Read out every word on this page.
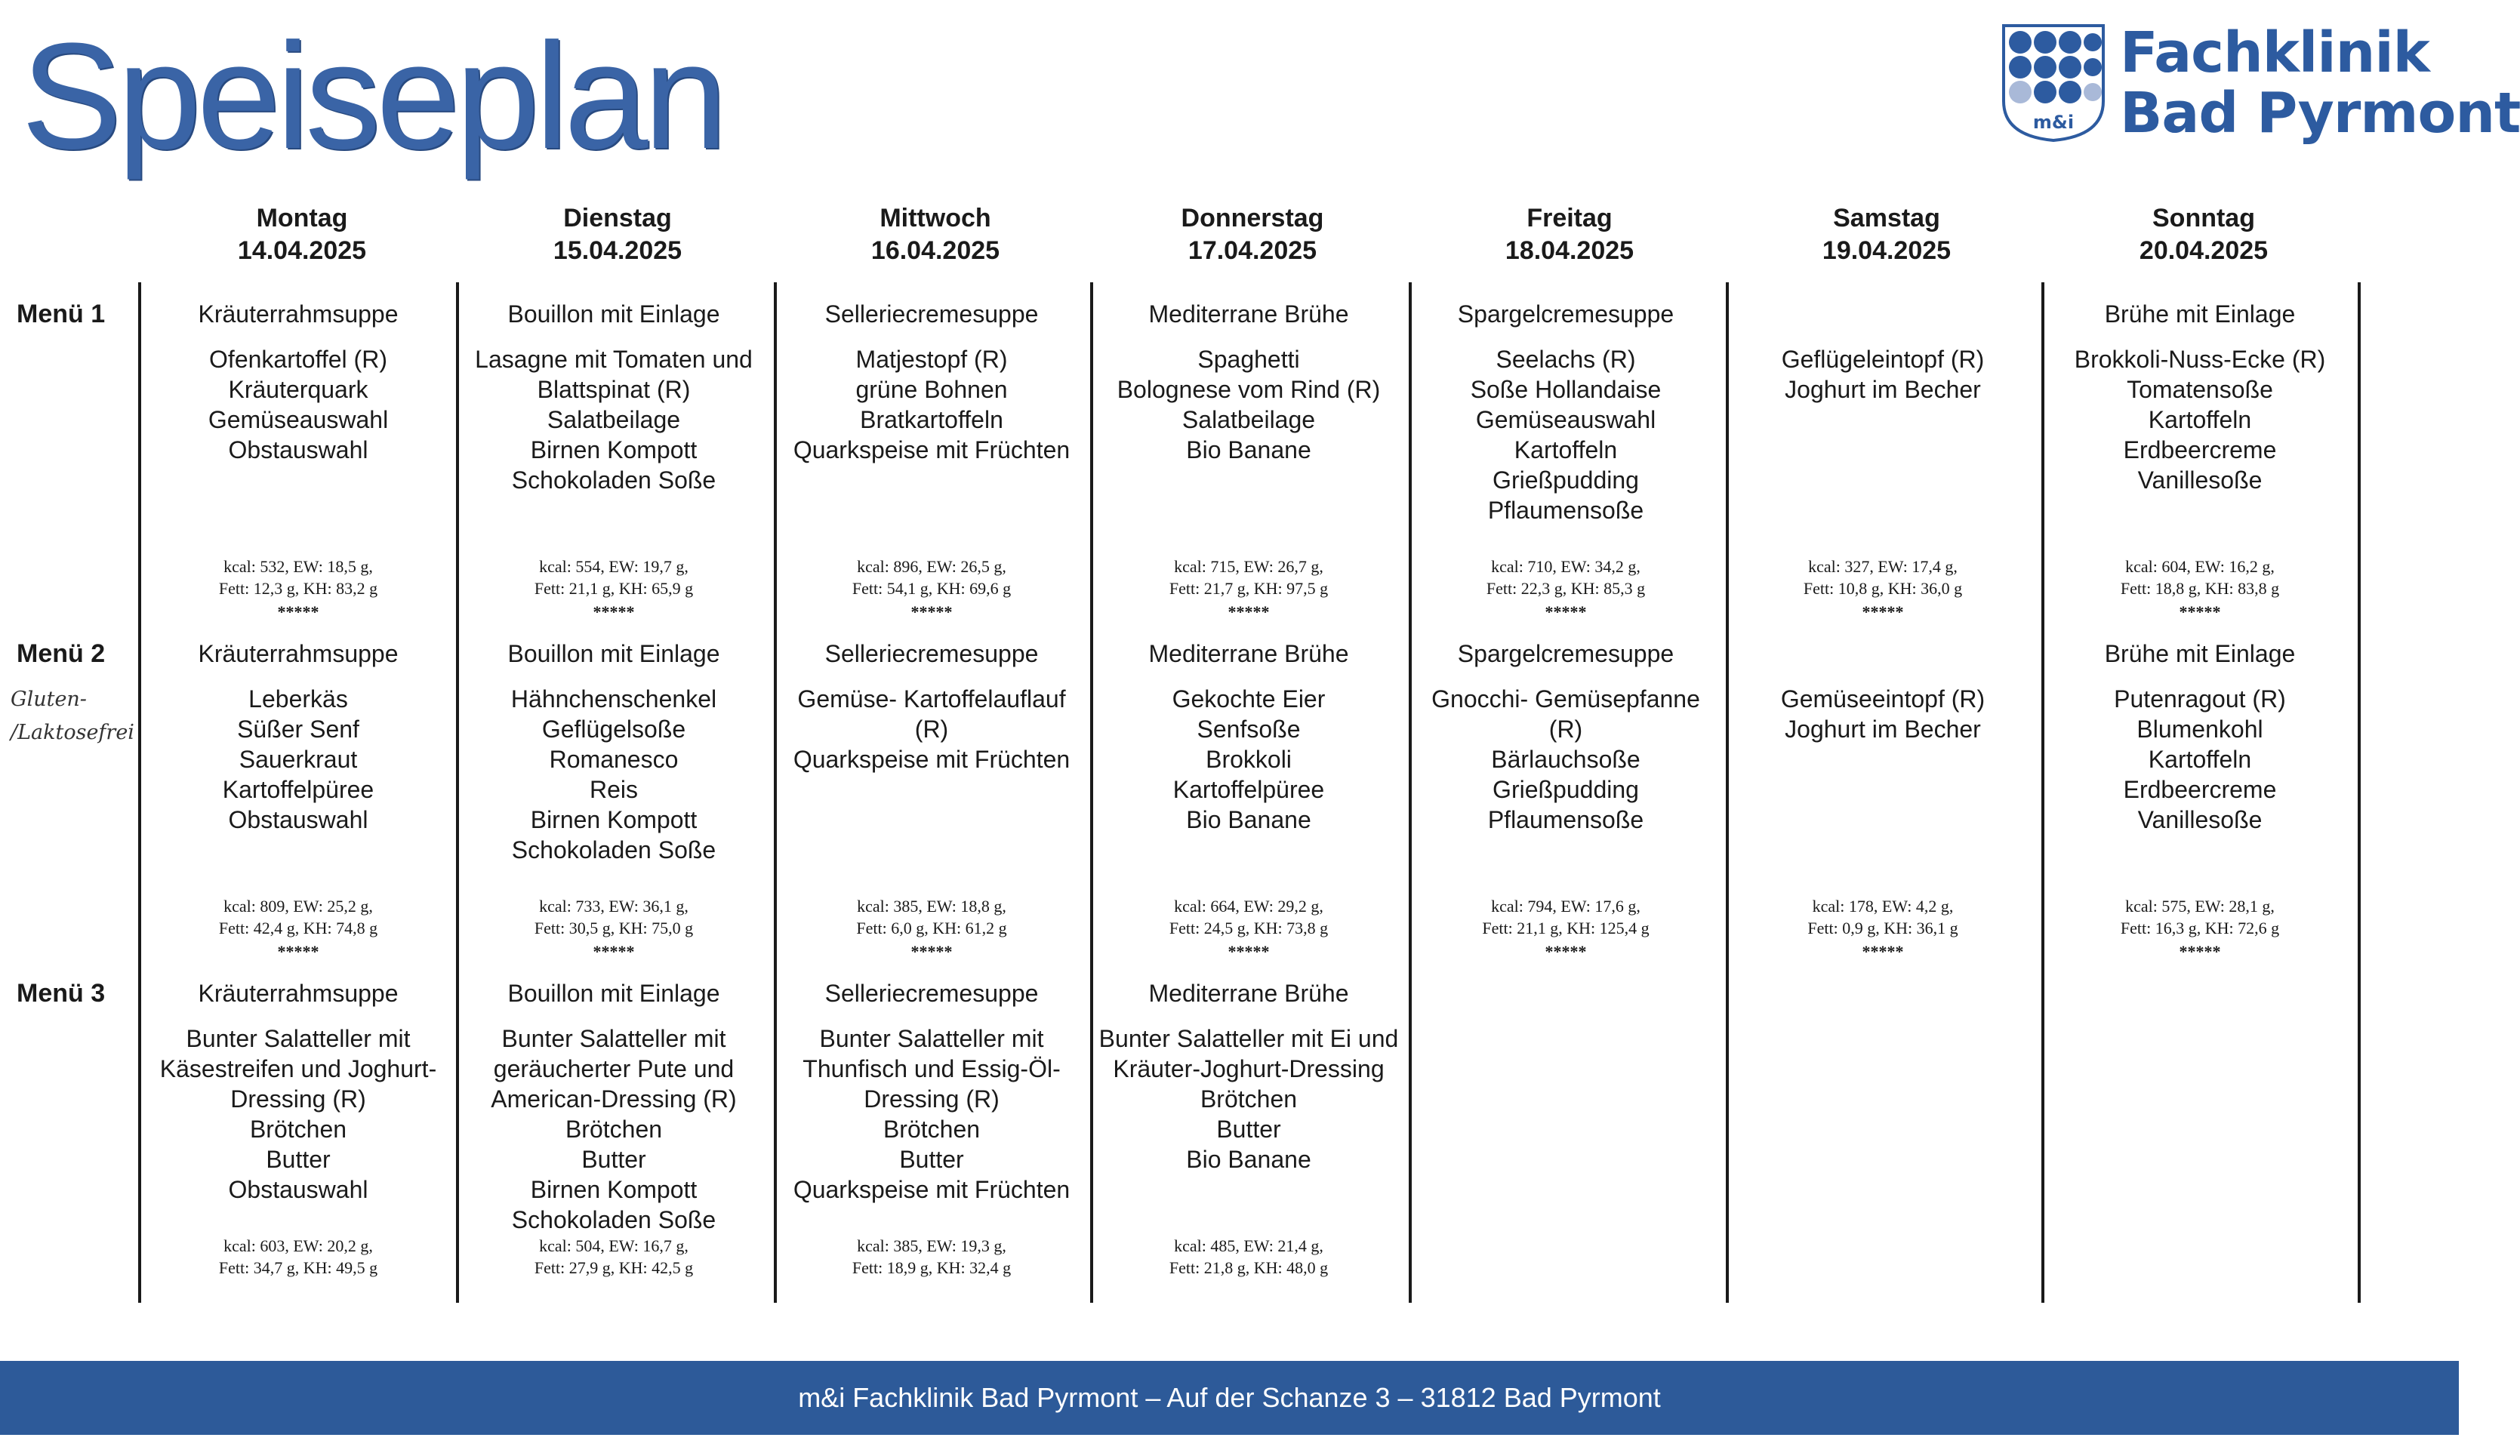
Speiseplan	m&i
Fachklinik
Bad Pyrmont
Montag
14.04.2025
Dienstag
15.04.2025
Mittwoch
16.04.2025
Donnerstag
17.04.2025
Freitag
18.04.2025
Samstag
19.04.2025
Sonntag
20.04.2025
Menü 1
Menü 2
Gluten- /Laktosefrei
Menü 3
Kräuterrahmsuppe
Ofenkartoffel (R)
Kräuterquark
Gemüseauswahl
Obstauswahl
kcal: 532, EW: 18,5 g,
Fett: 12,3 g, KH: 83,2 g
*****
Bouillon mit Einlage
Lasagne mit Tomaten und
Blattspinat (R)
Salatbeilage
Birnen Kompott
Schokoladen Soße
kcal: 554, EW: 19,7 g,
Fett: 21,1 g, KH: 65,9 g
*****
Selleriecremesuppe
Matjestopf (R)
grüne Bohnen
Bratkartoffeln
Quarkspeise mit Früchten
kcal: 896, EW: 26,5 g,
Fett: 54,1 g, KH: 69,6 g
*****
Mediterrane Brühe
Spaghetti
Bolognese vom Rind (R)
Salatbeilage
Bio Banane
kcal: 715, EW: 26,7 g,
Fett: 21,7 g, KH: 97,5 g
*****
Spargelcremesuppe
Seelachs (R)
Soße Hollandaise
Gemüseauswahl
Kartoffeln
Grießpudding
Pflaumensoße
kcal: 710, EW: 34,2 g,
Fett: 22,3 g, KH: 85,3 g
*****
Geflügeleintopf (R)
Joghurt im Becher
kcal: 327, EW: 17,4 g,
Fett: 10,8 g, KH: 36,0 g
*****
Brühe mit Einlage
Brokkoli-Nuss-Ecke (R)
Tomatensoße
Kartoffeln
Erdbeercreme
Vanillesoße
kcal: 604, EW: 16,2 g,
Fett: 18,8 g, KH: 83,8 g
*****
Kräuterrahmsuppe
Leberkäs
Süßer Senf
Sauerkraut
Kartoffelpüree
Obstauswahl
kcal: 809, EW: 25,2 g,
Fett: 42,4 g, KH: 74,8 g
*****
Bouillon mit Einlage
Hähnchenschenkel
Geflügelsoße
Romanesco
Reis
Birnen Kompott
Schokoladen Soße
kcal: 733, EW: 36,1 g,
Fett: 30,5 g, KH: 75,0 g
*****
Selleriecremesuppe
Gemüse- Kartoffelauflauf
(R)
Quarkspeise mit Früchten
kcal: 385, EW: 18,8 g,
Fett: 6,0 g, KH: 61,2 g
*****
Mediterrane Brühe
Gekochte Eier
Senfsoße
Brokkoli
Kartoffelpüree
Bio Banane
kcal: 664, EW: 29,2 g,
Fett: 24,5 g, KH: 73,8 g
*****
Spargelcremesuppe
Gnocchi- Gemüsepfanne
(R)
Bärlauchsoße
Grießpudding
Pflaumensoße
kcal: 794, EW: 17,6 g,
Fett: 21,1 g, KH: 125,4 g
*****
Gemüseeintopf (R)
Joghurt im Becher
kcal: 178, EW: 4,2 g,
Fett: 0,9 g, KH: 36,1 g
*****
Brühe mit Einlage
Putenragout (R)
Blumenkohl
Kartoffeln
Erdbeercreme
Vanillesoße
kcal: 575, EW: 28,1 g,
Fett: 16,3 g, KH: 72,6 g
*****
Kräuterrahmsuppe
Bunter Salatteller mit
Käsestreifen und Joghurt-
Dressing (R)
Brötchen
Butter
Obstauswahl
kcal: 603, EW: 20,2 g,
Fett: 34,7 g, KH: 49,5 g
Bouillon mit Einlage
Bunter Salatteller mit
geräucherter Pute und
American-Dressing (R)
Brötchen
Butter
Birnen Kompott
Schokoladen Soße
kcal: 504, EW: 16,7 g,
Fett: 27,9 g, KH: 42,5 g
Selleriecremesuppe
Bunter Salatteller mit
Thunfisch und Essig-Öl-
Dressing (R)
Brötchen
Butter
Quarkspeise mit Früchten
kcal: 385, EW: 19,3 g,
Fett: 18,9 g, KH: 32,4 g
Mediterrane Brühe
Bunter Salatteller mit Ei und
Kräuter-Joghurt-Dressing
Brötchen
Butter
Bio Banane
kcal: 485, EW: 21,4 g,
Fett: 21,8 g, KH: 48,0 g
m&i Fachklinik Bad Pyrmont – Auf der Schanze 3 – 31812 Bad Pyrmont
